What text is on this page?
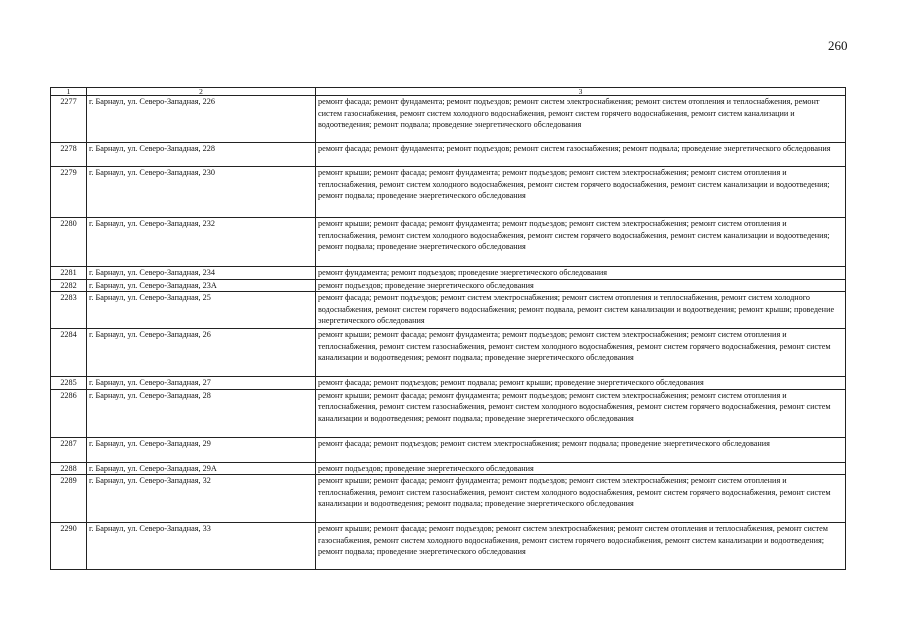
260
1	2	3
2277	г. Барнаул, ул. Северо-Западная, 226	ремонт фасада; ремонт фундамента; ремонт подъездов; ремонт систем электроснабжения; ремонт систем отопления и теплоснабжения, ремонт систем газоснабжения, ремонт систем холодного водоснабжения, ремонт систем горячего водоснабжения, ремонт систем канализации и водоотведения; ремонт подвала; проведение энергетического обследования
2278	г. Барнаул, ул. Северо-Западная, 228	ремонт фасада; ремонт фундамента; ремонт подъездов; ремонт систем газоснабжения; ремонт подвала; проведение энергетического обследования
2279	г. Барнаул, ул. Северо-Западная, 230	ремонт крыши; ремонт фасада; ремонт фундамента; ремонт подъездов; ремонт систем электроснабжения; ремонт систем отопления и теплоснабжения, ремонт систем холодного водоснабжения, ремонт систем горячего водоснабжения, ремонт систем канализации и водоотведения; ремонт подвала; проведение энергетического обследования
2280	г. Барнаул, ул. Северо-Западная, 232	ремонт крыши; ремонт фасада; ремонт фундамента; ремонт подъездов; ремонт систем электроснабжения; ремонт систем отопления и теплоснабжения, ремонт систем холодного водоснабжения, ремонт систем горячего водоснабжения, ремонт систем канализации и водоотведения; ремонт подвала; проведение энергетического обследования
2281	г. Барнаул, ул. Северо-Западная, 234	ремонт фундамента; ремонт подъездов; проведение энергетического обследования
2282	г. Барнаул, ул. Северо-Западная, 23А	ремонт подъездов; проведение энергетического обследования
2283	г. Барнаул, ул. Северо-Западная, 25	ремонт фасада; ремонт подъездов; ремонт систем электроснабжения; ремонт систем отопления и теплоснабжения, ремонт систем холодного водоснабжения, ремонт систем горячего водоснабжения; ремонт подвала, ремонт систем канализации и водоотведения; ремонт крыши; проведение энергетического обследования
2284	г. Барнаул, ул. Северо-Западная, 26	ремонт крыши; ремонт фасада; ремонт фундамента; ремонт подъездов; ремонт систем электроснабжения; ремонт систем отопления и теплоснабжения, ремонт систем газоснабжения, ремонт систем холодного водоснабжения, ремонт систем горячего водоснабжения, ремонт систем канализации и водоотведения; ремонт подвала; проведение энергетического обследования
2285	г. Барнаул, ул. Северо-Западная, 27	ремонт фасада; ремонт подъездов; ремонт подвала; ремонт крыши; проведение энергетического обследования
2286	г. Барнаул, ул. Северо-Западная, 28	ремонт крыши; ремонт фасада; ремонт фундамента; ремонт подъездов; ремонт систем электроснабжения; ремонт систем отопления и теплоснабжения, ремонт систем газоснабжения, ремонт систем холодного водоснабжения, ремонт систем горячего водоснабжения, ремонт систем канализации и водоотведения; ремонт подвала; проведение энергетического обследования
2287	г. Барнаул, ул. Северо-Западная, 29	ремонт фасада; ремонт подъездов; ремонт систем электроснабжения; ремонт подвала; проведение энергетического обследования
2288	г. Барнаул, ул. Северо-Западная, 29А	ремонт подъездов; проведение энергетического обследования
2289	г. Барнаул, ул. Северо-Западная, 32	ремонт крыши; ремонт фасада; ремонт фундамента; ремонт подъездов; ремонт систем электроснабжения; ремонт систем отопления и теплоснабжения, ремонт систем газоснабжения, ремонт систем холодного водоснабжения, ремонт систем горячего водоснабжения, ремонт систем канализации и водоотведения; ремонт подвала; проведение энергетического обследования
2290	г. Барнаул, ул. Северо-Западная, 33	ремонт крыши; ремонт фасада; ремонт подъездов; ремонт систем электроснабжения; ремонт систем отопления и теплоснабжения, ремонт систем газоснабжения, ремонт систем холодного водоснабжения, ремонт систем горячего водоснабжения, ремонт систем канализации и водоотведения; ремонт подвала; проведение энергетического обследования
